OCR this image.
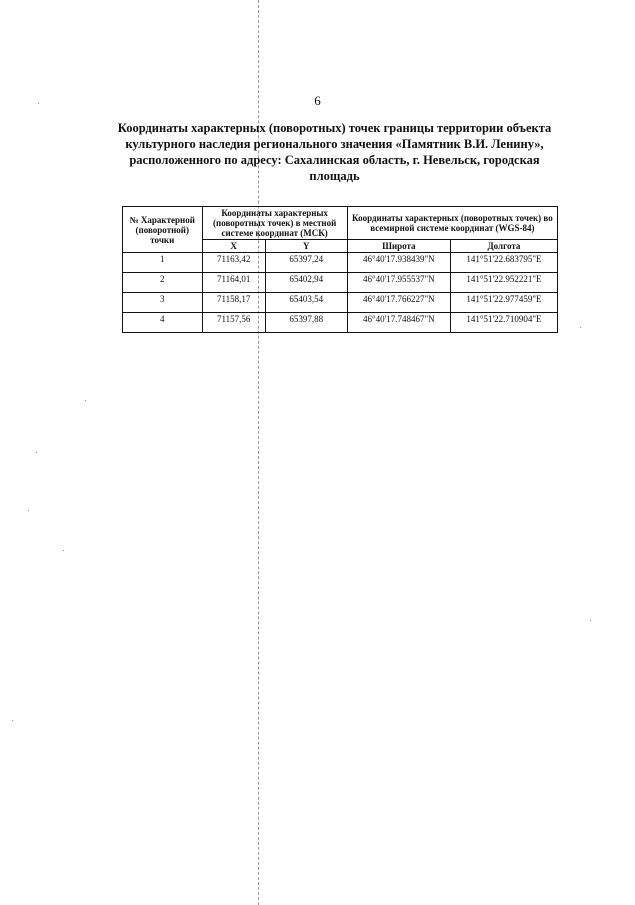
6
Координаты характерных (поворотных) точек границы территории объекта культурного наследия регионального значения «Памятник В.И. Ленину», расположенного по адресу: Сахалинская область, г. Невельск, городская площадь
№ Характерной (поворотной) точки	Координаты характерных (поворотных точек) в местной системе координат (МСК)		Координаты характерных (поворотных точек) во всемирной системе координат (WGS-84)	
	X	Y	Широта	Долгота
1	71163,42	65397,24	46°40'17.938439"N	141°51'22.683795"E
2	71164,01	65402,94	46°40'17.955537"N	141°51'22.952221"E
3	71158,17	65403,54	46°40'17.766227"N	141°51'22.977459"E
4	71157,56	65397,88	46°40'17.748467"N	141°51'22.710904"E
